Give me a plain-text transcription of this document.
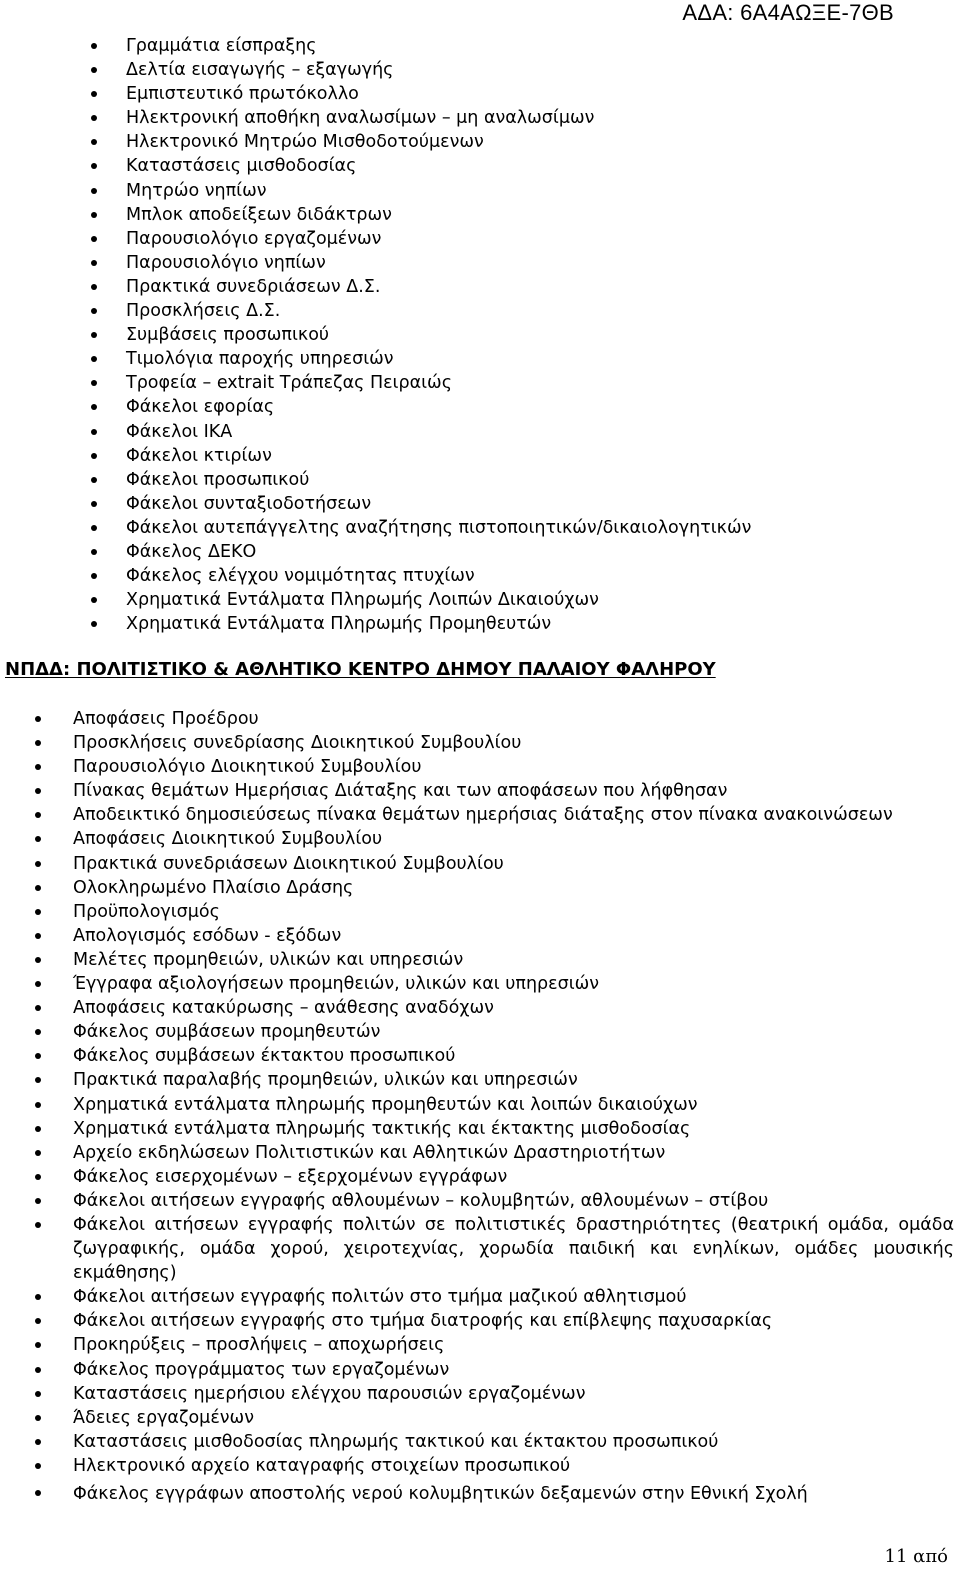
ΑΔΑ: 6Α4ΑΩΞΕ-7ΘΒ
Γραμμάτια είσπραξης
Δελτία εισαγωγής – εξαγωγής
Εμπιστευτικό πρωτόκολλο
Ηλεκτρονική αποθήκη αναλωσίμων – μη αναλωσίμων
Ηλεκτρονικό Μητρώο Μισθοδοτούμενων
Καταστάσεις μισθοδοσίας
Μητρώο νηπίων
Μπλοκ αποδείξεων διδάκτρων
Παρουσιολόγιο εργαζομένων
Παρουσιολόγιο νηπίων
Πρακτικά συνεδριάσεων Δ.Σ.
Προσκλήσεις Δ.Σ.
Συμβάσεις προσωπικού
Τιμολόγια παροχής υπηρεσιών
Τροφεία – extrait Τράπεζας Πειραιώς
Φάκελοι εφορίας
Φάκελοι ΙΚΑ
Φάκελοι κτιρίων
Φάκελοι προσωπικού
Φάκελοι συνταξιοδοτήσεων
Φάκελοι αυτεπάγγελτης αναζήτησης πιστοποιητικών/δικαιολογητικών
Φάκελος ΔΕΚΟ
Φάκελος ελέγχου νομιμότητας πτυχίων
Χρηματικά Εντάλματα Πληρωμής Λοιπών Δικαιούχων
Χρηματικά Εντάλματα Πληρωμής Προμηθευτών
ΝΠΔΔ: ΠΟΛΙΤΙΣΤΙΚΟ & ΑΘΛΗΤΙΚΟ ΚΕΝΤΡΟ ΔΗΜΟΥ ΠΑΛΑΙΟΥ ΦΑΛΗΡΟΥ
Αποφάσεις Προέδρου
Προσκλήσεις συνεδρίασης Διοικητικού Συμβουλίου
Παρουσιολόγιο Διοικητικού Συμβουλίου
Πίνακας θεμάτων Ημερήσιας Διάταξης και των αποφάσεων που λήφθησαν
Αποδεικτικό δημοσιεύσεως πίνακα θεμάτων ημερήσιας διάταξης στον πίνακα ανακοινώσεων
Αποφάσεις Διοικητικού Συμβουλίου
Πρακτικά συνεδριάσεων Διοικητικού Συμβουλίου
Ολοκληρωμένο Πλαίσιο Δράσης
Προϋπολογισμός
Απολογισμός εσόδων - εξόδων
Μελέτες προμηθειών, υλικών και υπηρεσιών
Έγγραφα αξιολογήσεων προμηθειών, υλικών και υπηρεσιών
Αποφάσεις κατακύρωσης – ανάθεσης αναδόχων
Φάκελος συμβάσεων προμηθευτών
Φάκελος συμβάσεων έκτακτου προσωπικού
Πρακτικά παραλαβής προμηθειών, υλικών και υπηρεσιών
Χρηματικά εντάλματα πληρωμής προμηθευτών και λοιπών δικαιούχων
Χρηματικά εντάλματα πληρωμής τακτικής και έκτακτης μισθοδοσίας
Αρχείο εκδηλώσεων Πολιτιστικών και Αθλητικών Δραστηριοτήτων
Φάκελος εισερχομένων – εξερχομένων εγγράφων
Φάκελοι αιτήσεων εγγραφής αθλουμένων – κολυμβητών, αθλουμένων – στίβου
Φάκελοι αιτήσεων εγγραφής πολιτών σε πολιτιστικές δραστηριότητες (θεατρική ομάδα, ομάδα ζωγραφικής, ομάδα χορού, χειροτεχνίας, χορωδία παιδική και ενηλίκων, ομάδες μουσικής εκμάθησης)
Φάκελοι αιτήσεων εγγραφής πολιτών στο τμήμα μαζικού αθλητισμού
Φάκελοι αιτήσεων εγγραφής στο τμήμα διατροφής και επίβλεψης παχυσαρκίας
Προκηρύξεις – προσλήψεις – αποχωρήσεις
Φάκελος προγράμματος των εργαζομένων
Καταστάσεις ημερήσιου ελέγχου παρουσιών εργαζομένων
Άδειες εργαζομένων
Καταστάσεις μισθοδοσίας πληρωμής τακτικού και έκτακτου προσωπικού
Ηλεκτρονικό αρχείο καταγραφής στοιχείων προσωπικού
Φάκελος εγγράφων αποστολής νερού κολυμβητικών δεξαμενών στην Εθνική Σχολή
11 από
